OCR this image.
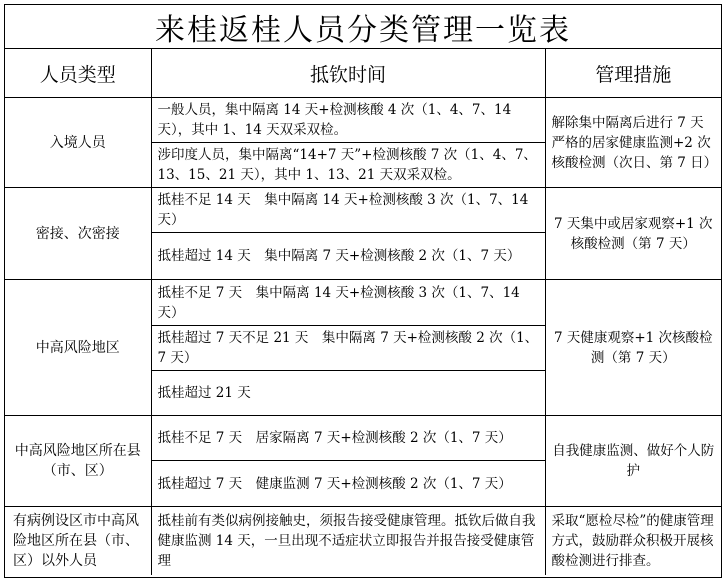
来桂返桂人员分类管理一览表
人员类型	抵钦时间	管理措施
入境人员	一般人员，集中隔离 14 天+检测核酸 4 次（1、4、7、14 天），其中 1、14 天双采双检。	解除集中隔离后进行 7 天严格的居家健康监测+2 次核酸检测（次日、第 7 日）
	涉印度人员，集中隔离“14+7 天”+检测核酸 7 次（1、4、7、13、15、21 天），其中 1、13、21 天双采双检。	
密接、次密接	抵桂不足 14 天　集中隔离 14 天+检测核酸 3 次（1、7、14 天）	7 天集中或居家观察+1 次核酸检测（第 7 天）
	抵桂超过 14 天　集中隔离 7 天+检测核酸 2 次（1、7 天）	
中高风险地区	抵桂不足 7 天　集中隔离 14 天+检测核酸 3 次（1、7、14 天）	7 天健康观察+1 次核酸检测（第 7 天）
	抵桂超过 7 天不足 21 天　集中隔离 7 天+检测核酸 2 次（1、7 天）	
	抵桂超过 21 天	
中高风险地区所在县（市、区）	抵桂不足 7 天　居家隔离 7 天+检测核酸 2 次（1、7 天）	自我健康监测、做好个人防护
	抵桂超过 7 天　健康监测 7 天+检测核酸 2 次（1、7 天）	
有病例设区市中高风险地区所在县（市、区）以外人员	抵桂前有类似病例接触史，须报告接受健康管理。抵钦后做自我健康监测 14 天，一旦出现不适症状立即报告并报告接受健康管理	采取“愿检尽检”的健康管理方式，鼓励群众积极开展核酸检测进行排查。
